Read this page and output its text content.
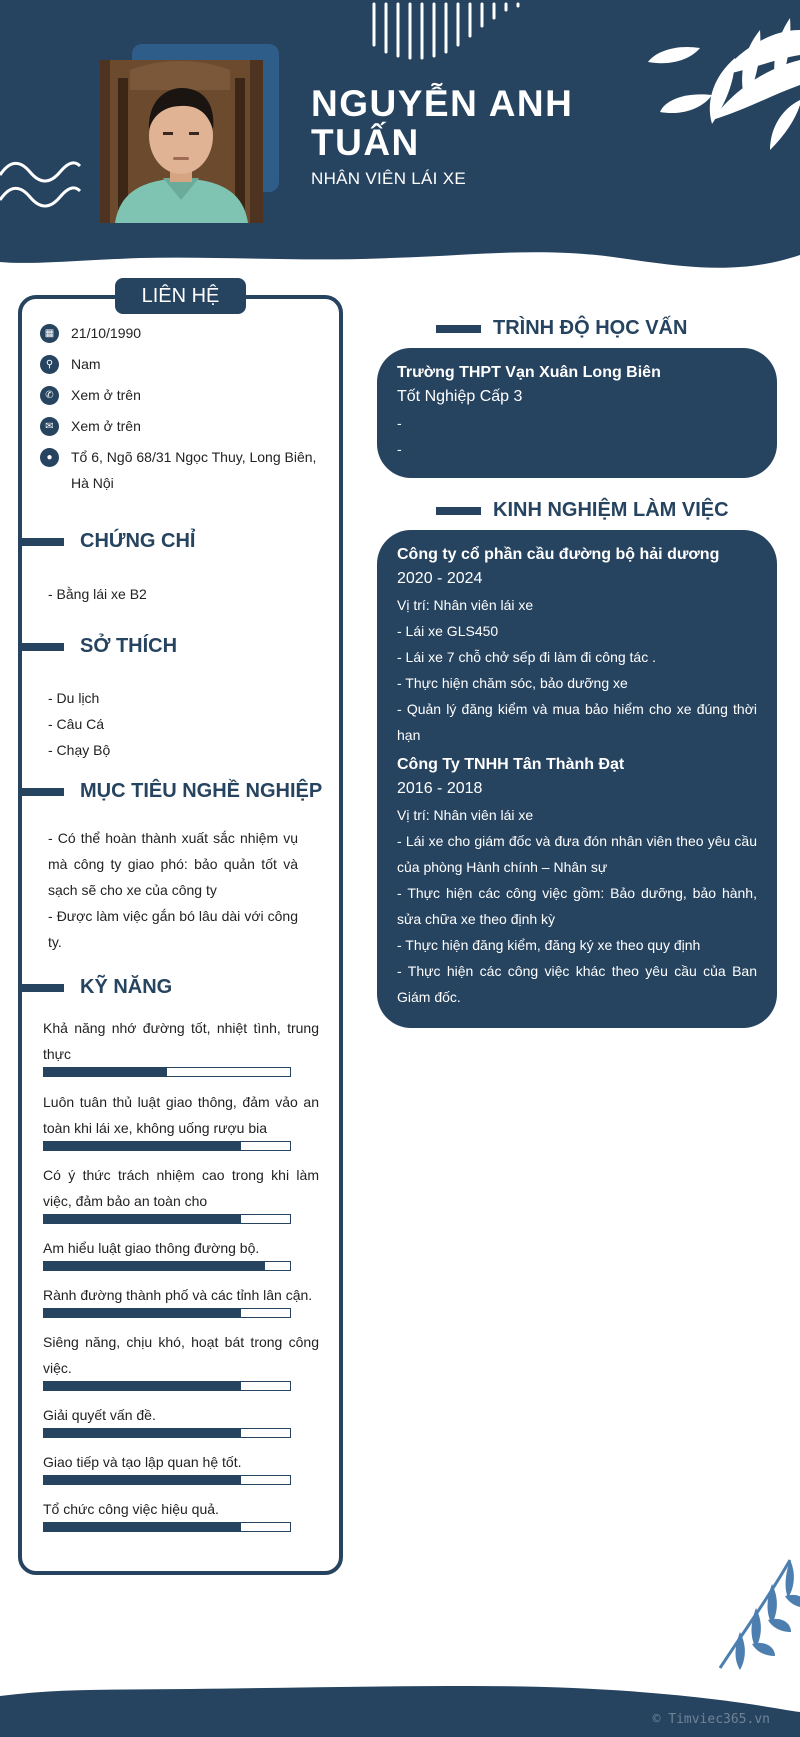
NGUYỄN ANH TUẤN
NHÂN VIÊN LÁI XE
LIÊN HỆ
▦	21/10/1990
⚲	Nam
✆	Xem ở trên
✉	Xem ở trên
●	Tổ 6, Ngõ 68/31 Ngọc Thuy, Long Biên, Hà Nội
CHỨNG CHỈ
- Bằng lái xe B2
SỞ THÍCH
- Du lịch
- Câu Cá
- Chạy Bộ
MỤC TIÊU NGHỀ NGHIỆP
- Có thể hoàn thành xuất sắc nhiệm vụ mà công ty giao phó: bảo quản tốt và sạch sẽ cho xe của công ty
- Được làm việc gắn bó lâu dài với công ty.
KỸ NĂNG
Khả năng nhớ đường tốt, nhiệt tình, trung thực
Luôn tuân thủ luật giao thông, đảm vảo an toàn khi lái xe, không uống rượu bia
Có ý thức trách nhiệm cao trong khi làm việc, đảm bảo an toàn cho
Am hiểu luật giao thông đường bộ.
Rành đường thành phố và các tỉnh lân cận.
Siêng năng, chịu khó, hoạt bát trong công việc.
Giải quyết vấn đề.
Giao tiếp và tạo lập quan hệ tốt.
Tổ chức công việc hiệu quả.
TRÌNH ĐỘ HỌC VẤN
Trường THPT Vạn Xuân Long Biên
Tốt Nghiệp Cấp 3
-
-
KINH NGHIỆM LÀM VIỆC
Công ty cổ phần cầu đường bộ hải dương
2020 - 2024
Vị trí: Nhân viên lái xe
- Lái xe GLS450
- Lái xe 7 chỗ chở sếp đi làm đi công tác .
- Thực hiện chăm sóc, bảo dưỡng xe
- Quản lý đăng kiểm và mua bảo hiểm cho xe đúng thời hạn
Công Ty TNHH Tân Thành Đạt
2016 - 2018
Vị trí: Nhân viên lái xe
- Lái xe cho giám đốc và đưa đón nhân viên theo yêu cầu của phòng Hành chính – Nhân sự
- Thực hiện các công việc gồm: Bảo dưỡng, bảo hành, sửa chữa xe theo định kỳ
- Thực hiện đăng kiểm, đăng ký xe theo quy định
- Thực hiện các công việc khác theo yêu cầu của Ban Giám đốc.
© Timviec365.vn
